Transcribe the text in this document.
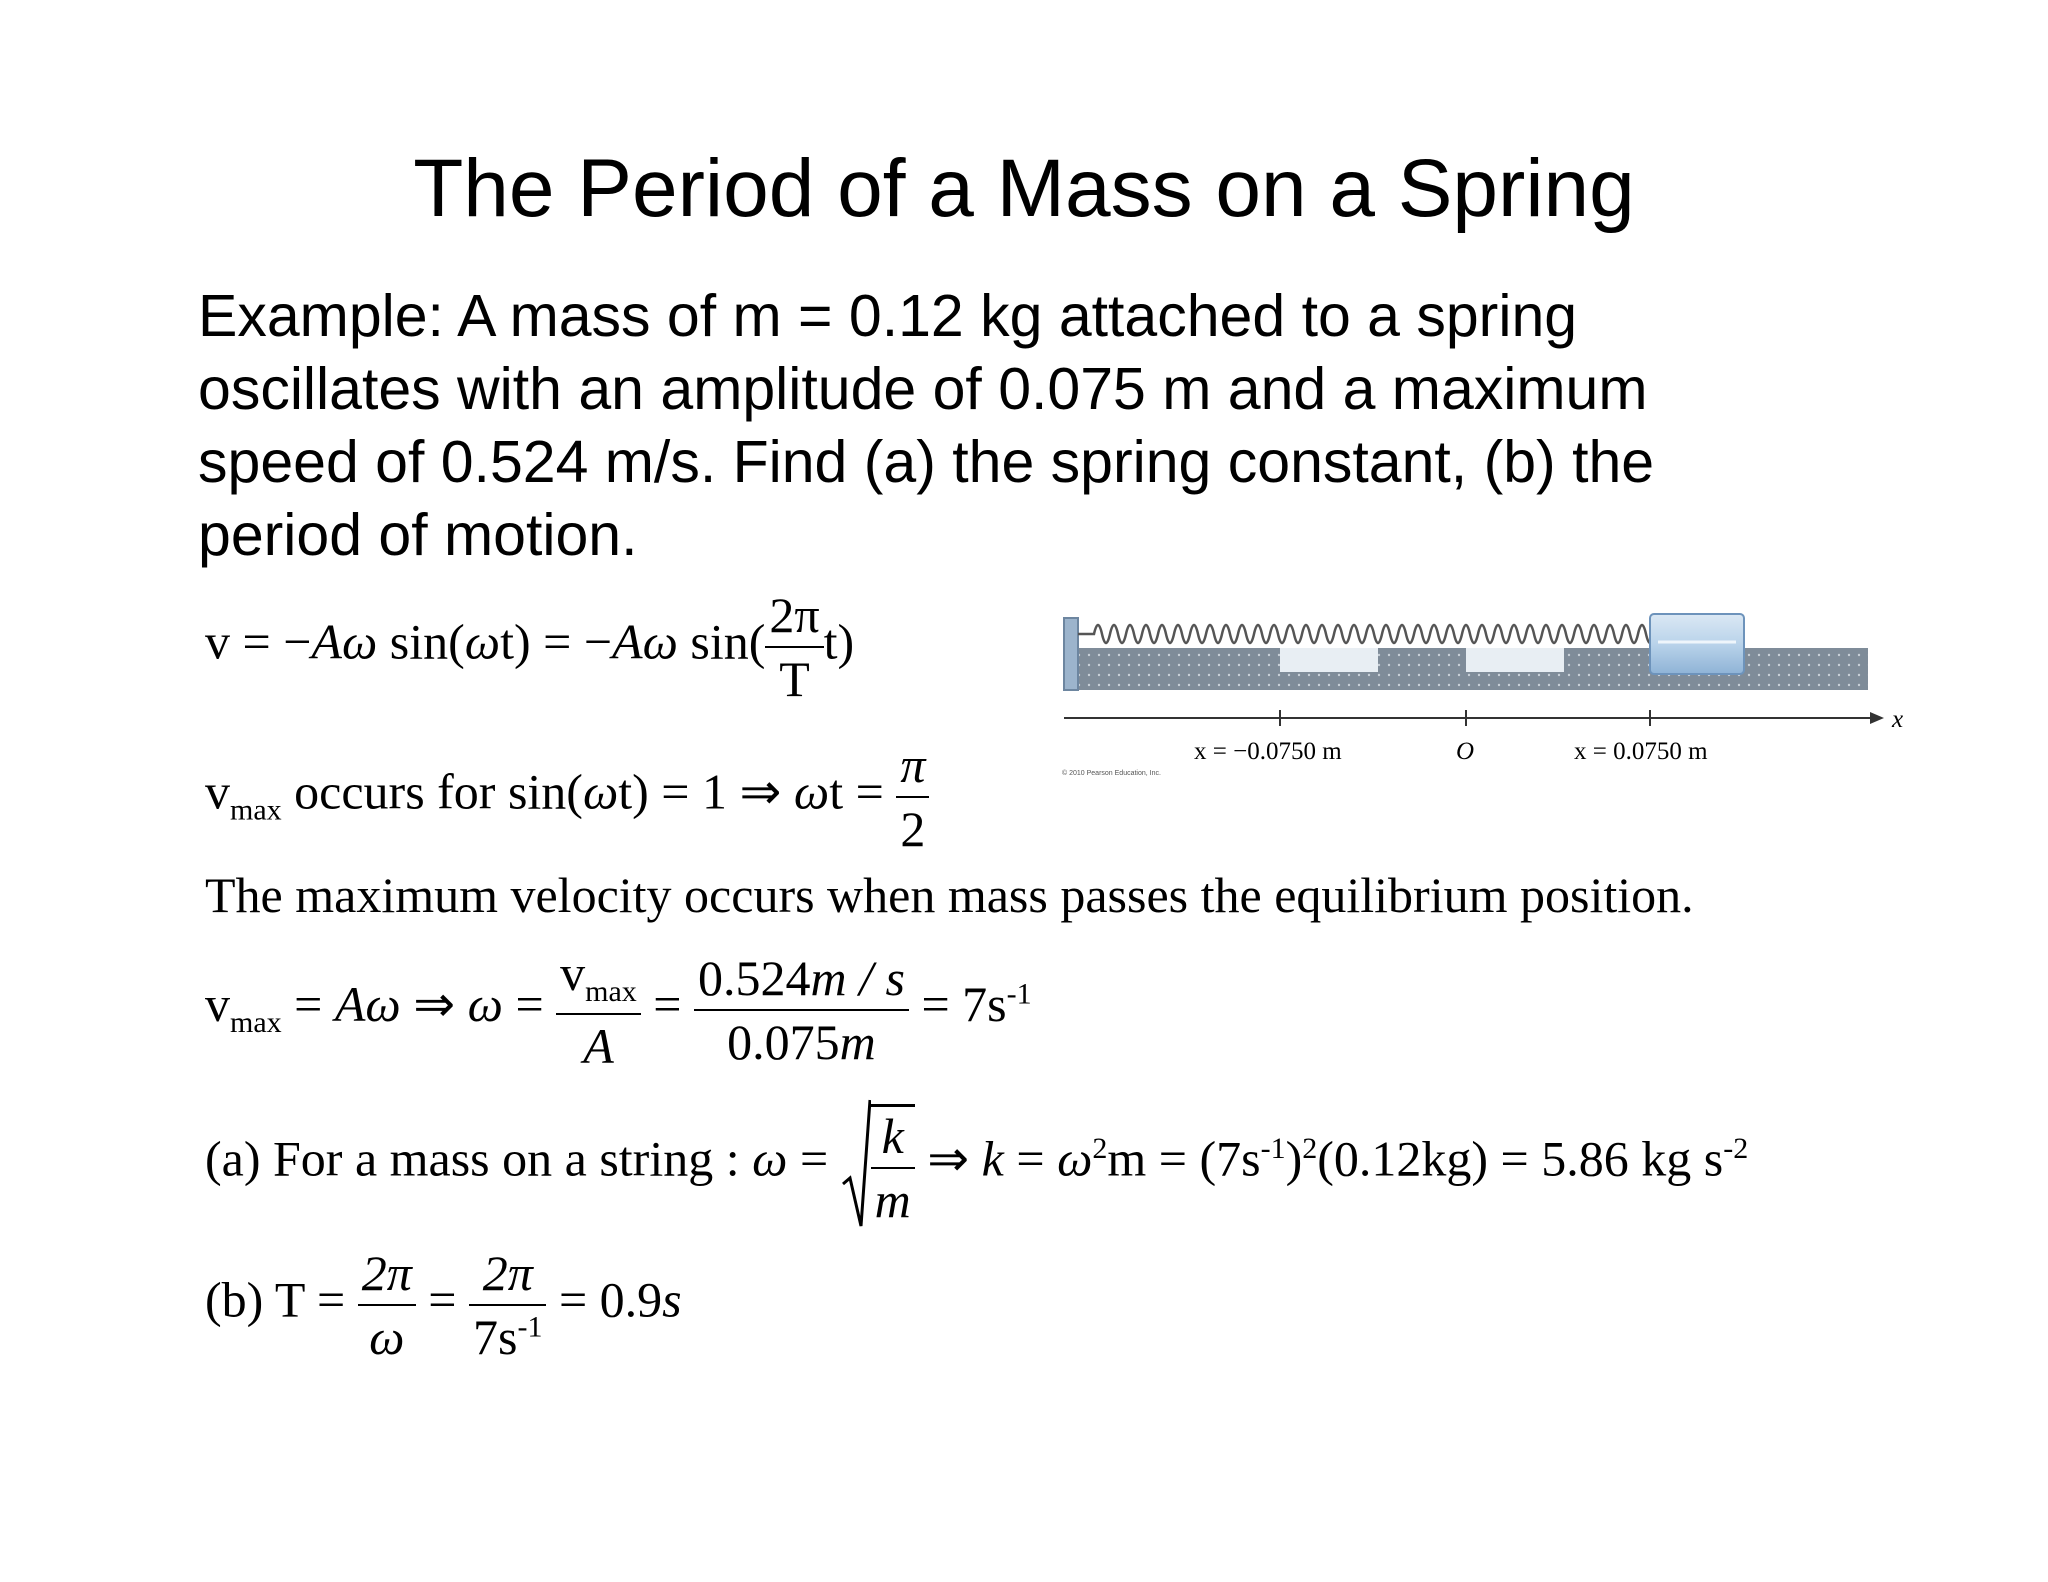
The Period of a Mass on a Spring
Example: A mass of m = 0.12 kg attached to a spring
oscillates with an amplitude of 0.075 m and a maximum
speed of 0.524 m/s. Find (a) the spring constant, (b) the
period of motion.
v = −Aω sin(ωt) = −Aω $\sin( \frac{2\pi}{T} t)$
$v_{max}$ occurs for sin(ωt) = 1 ⇒ $\omega t = \frac{\pi}{2}$
The maximum velocity occurs when mass passes the equilibrium position.
$v_{max} = A\omega$ ⇒ $\omega = \frac{v_{max}}{A} = \frac{0.524m / s}{0.075m} = 7s^{-1}$
(a) For a mass on a string : $\omega = \frac{k}{m}$ ⇒ $k = \omega^2m = (7s^{-1})^2(0.12kg) = 5.86$ kg $s^{-2}$
(b) $T = \frac{2\pi}{\omega} = \frac{2\pi}{7s^{-1}} = 0.9s$
x
x = −0.0750 m	O	x = 0.0750 m
© 2010 Pearson Education, Inc.
